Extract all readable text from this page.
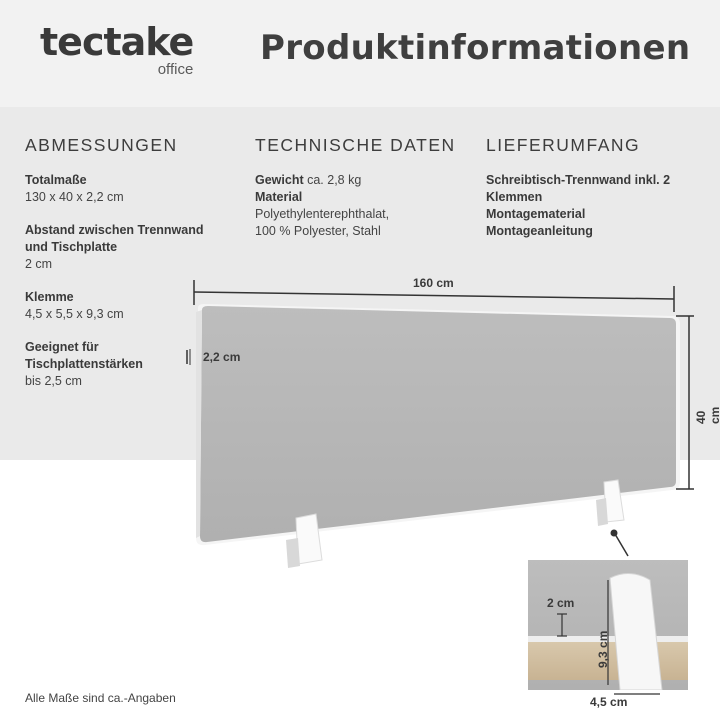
tectake
office
Produktinformationen
ABMESSUNGEN
Totalmaße
130 x 40 x 2,2 cm
Abstand zwischen Trennwand
und Tischplatte
2 cm
Klemme
4,5 x 5,5 x 9,3 cm
Geeignet für
Tischplattenstärken
bis 2,5 cm
TECHNISCHE DATEN
Gewicht ca. 2,8 kg
Material
Polyethylenterephthalat,
100 % Polyester, Stahl
LIEFERUMFANG
Schreibtisch-Trennwand inkl. 2
Klemmen
Montagematerial
Montageanleitung
160 cm
2,2 cm
40 cm
2 cm
9,3 cm
4,5 cm
Alle Maße sind ca.-Angaben
